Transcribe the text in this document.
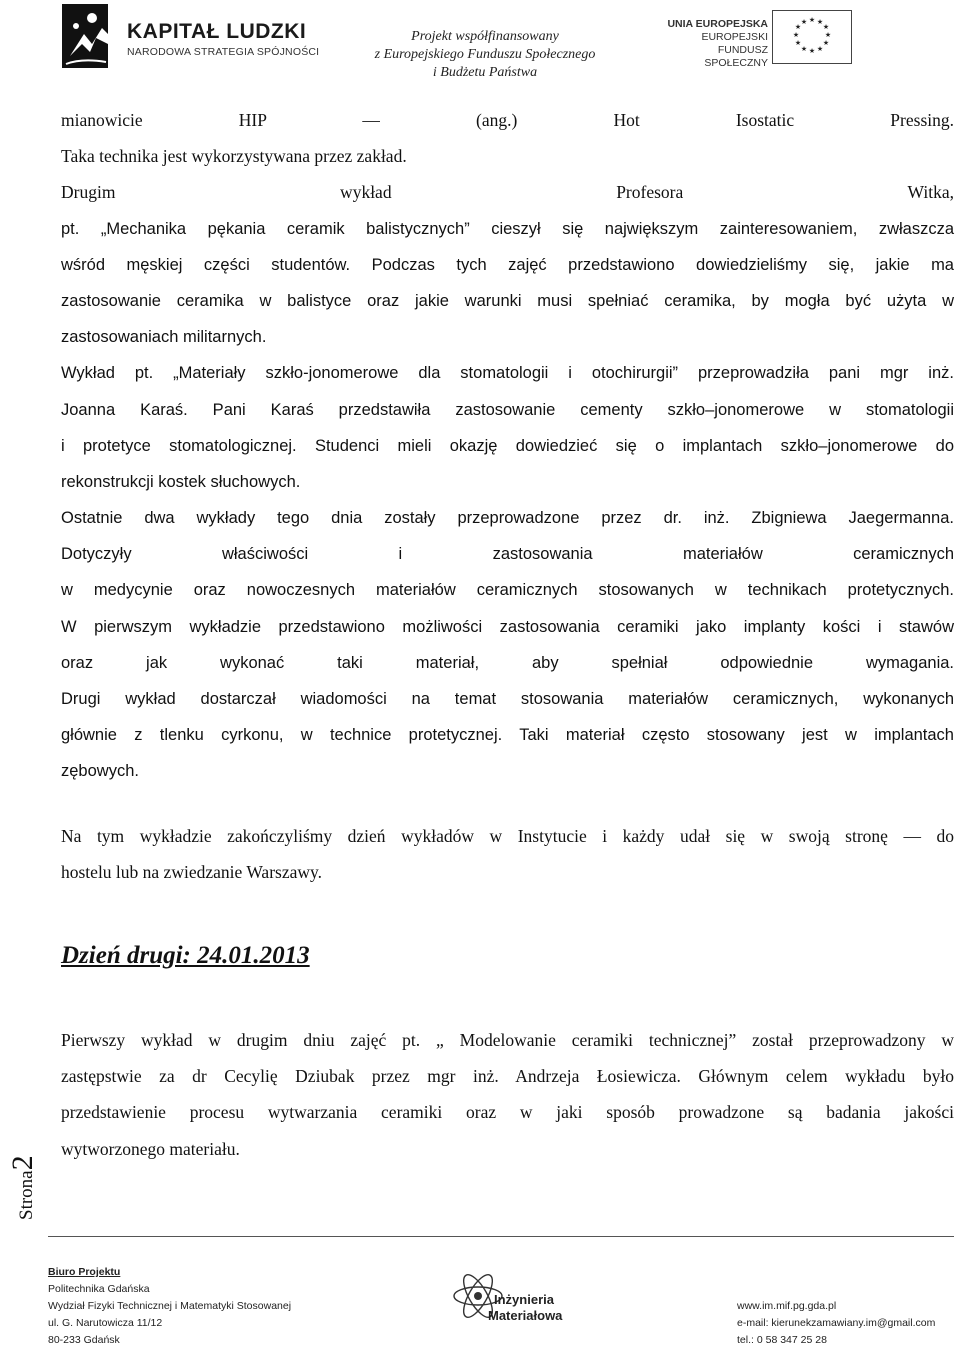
KAPITAŁ LUDZKI
NARODOWA STRATEGIA SPÓJNOŚCI
Projekt współfinansowany
z Europejskiego Funduszu Społecznego
i Budżetu Państwa
UNIA EUROPEJSKA
EUROPEJSKI
FUNDUSZ SPOŁECZNY
★ ★
★
★
★
★
★
★
★
★
★
★
mianowicie HIP — (ang.) Hot Isostatic Pressing.
Taka technika jest wykorzystywana przez zakład.
Drugim wykład Profesora Witka,
pt. „Mechanika pękania ceramik balistycznych” cieszył się największym zainteresowaniem, zwłaszcza
wśród męskiej części studentów. Podczas tych zajęć przedstawiono dowiedzieliśmy się, jakie ma
zastosowanie ceramika w balistyce oraz jakie warunki musi spełniać ceramika, by mogła być użyta w
zastosowaniach militarnych.
Wykład pt. „Materiały szkło-jonomerowe dla stomatologii i otochirurgii” przeprowadziła pani mgr inż.
Joanna Karaś. Pani Karaś przedstawiła zastosowanie cementy szkło–jonomerowe w stomatologii
i protetyce stomatologicznej. Studenci mieli okazję dowiedzieć się o implantach szkło–jonomerowe do
rekonstrukcji kostek słuchowych.
Ostatnie dwa wykłady tego dnia zostały przeprowadzone przez dr. inż. Zbigniewa Jaegermanna.
Dotyczyły właściwości i zastosowania materiałów ceramicznych
w medycynie oraz nowoczesnych materiałów ceramicznych stosowanych w technikach protetycznych.
W pierwszym wykładzie przedstawiono możliwości zastosowania ceramiki jako implanty kości i stawów
oraz jak wykonać taki materiał, aby spełniał odpowiednie wymagania.
Drugi wykład dostarczał wiadomości na temat stosowania materiałów ceramicznych, wykonanych
głównie z tlenku cyrkonu, w technice protetycznej. Taki materiał często stosowany jest w implantach
zębowych.
Na tym wykładzie zakończyliśmy dzień wykładów w Instytucie i każdy udał się w swoją stronę — do
hostelu lub na zwiedzanie Warszawy.
Dzień drugi: 24.01.2013
Pierwszy wykład w drugim dniu zajęć pt. „ Modelowanie ceramiki technicznej” został przeprowadzony w
zastępstwie za dr Cecylię Dziubak przez mgr inż. Andrzeja Łosiewicza. Głównym celem wykładu było
przedstawienie procesu wytwarzania ceramiki oraz w jaki sposób prowadzone są badania jakości
wytworzonego materiału.
Strona2
Biuro Projektu
Politechnika Gdańska
Wydział Fizyki Technicznej i Matematyki Stosowanej
ul. G. Narutowicza 11/12
80-233 Gdańsk
Inżynieria
Materiałowa
www.im.mif.pg.gda.pl
e-mail: kierunekzamawiany.im@gmail.com
tel.: 0 58 347 25 28
